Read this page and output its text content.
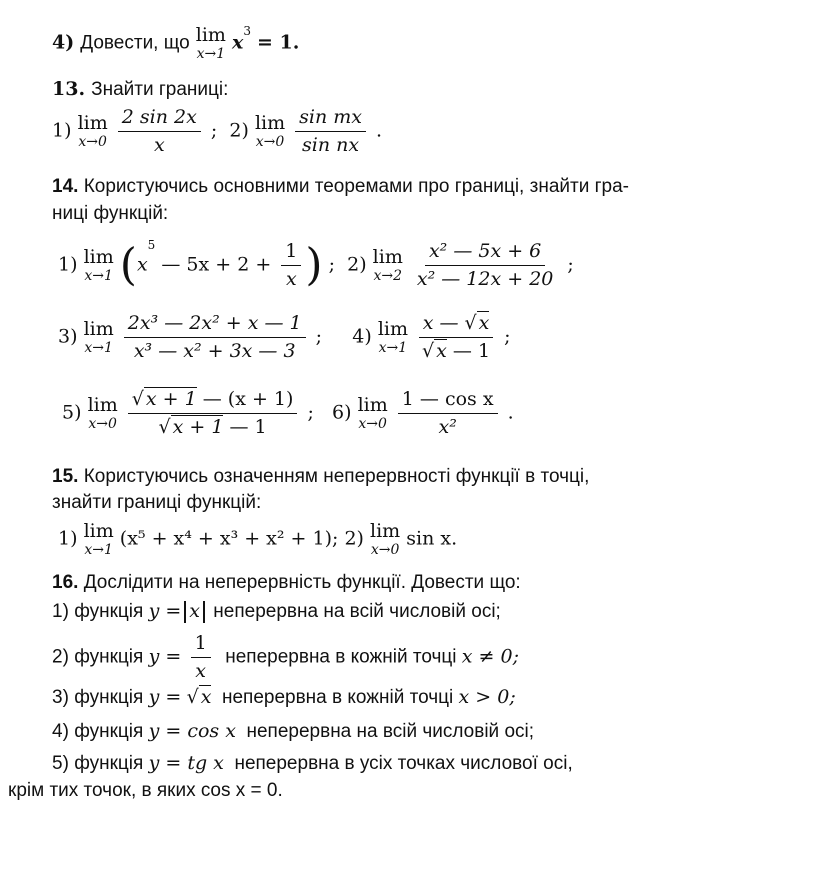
4) Довести, що lim
x→1
$x^3 = 1$.
13. Знайти границі:
1) lim
x→0
$\frac{2 \sin 2x}{x}$ ; 2) lim
x→0
$\frac{\text{sin mx}}{\text{sin nx}}$ .
14. Користуючись основними теоремами про границі, знайти гра-
ниці функцій:
1) lim
x→1 ($x^5$ — $5x + 2 + \frac{1}{x}$ ) ; 2) lim
x→2
$\frac{\text{x² — 5x + 6}}{\text{x² — 12x + 20}}$ ;
3) lim
x→1
$\frac{\text{2x³ — 2x² + x — 1}}{\text{x³ — x² + 3x — 3}}$ ; 4) lim
x→1
$\frac{x — √ x}{√ x — 1}$ ;
5) lim
x→0
$\frac{√ x + 1 — (x + 1)}{√ x + 1 — 1}$ ; 6) lim
x→0
$\frac{\text{1 — cos x}}{\text{x²}}$ .
15. Користуючись означенням неперервності функції в точці,
знайти границі функцій:
1) lim
x→1
(x⁵ + x⁴ + x³ + x² + 1); 2) lim
x→0
sin x.
16. Дослідити на неперервність функції. Довести що:
1) функція y = x неперервна на всій числовій осі;
2) функція $y = \frac{1}{x}$ неперервна в кожній точці x ≠ 0;
3) функція y = √ x неперервна в кожній точці x > 0;
4) функція y = cos x неперервна на всій числовій осі;
5) функція y = tg x неперервна в усіх точках числової осі,
крім тих точок, в яких cos x = 0.
